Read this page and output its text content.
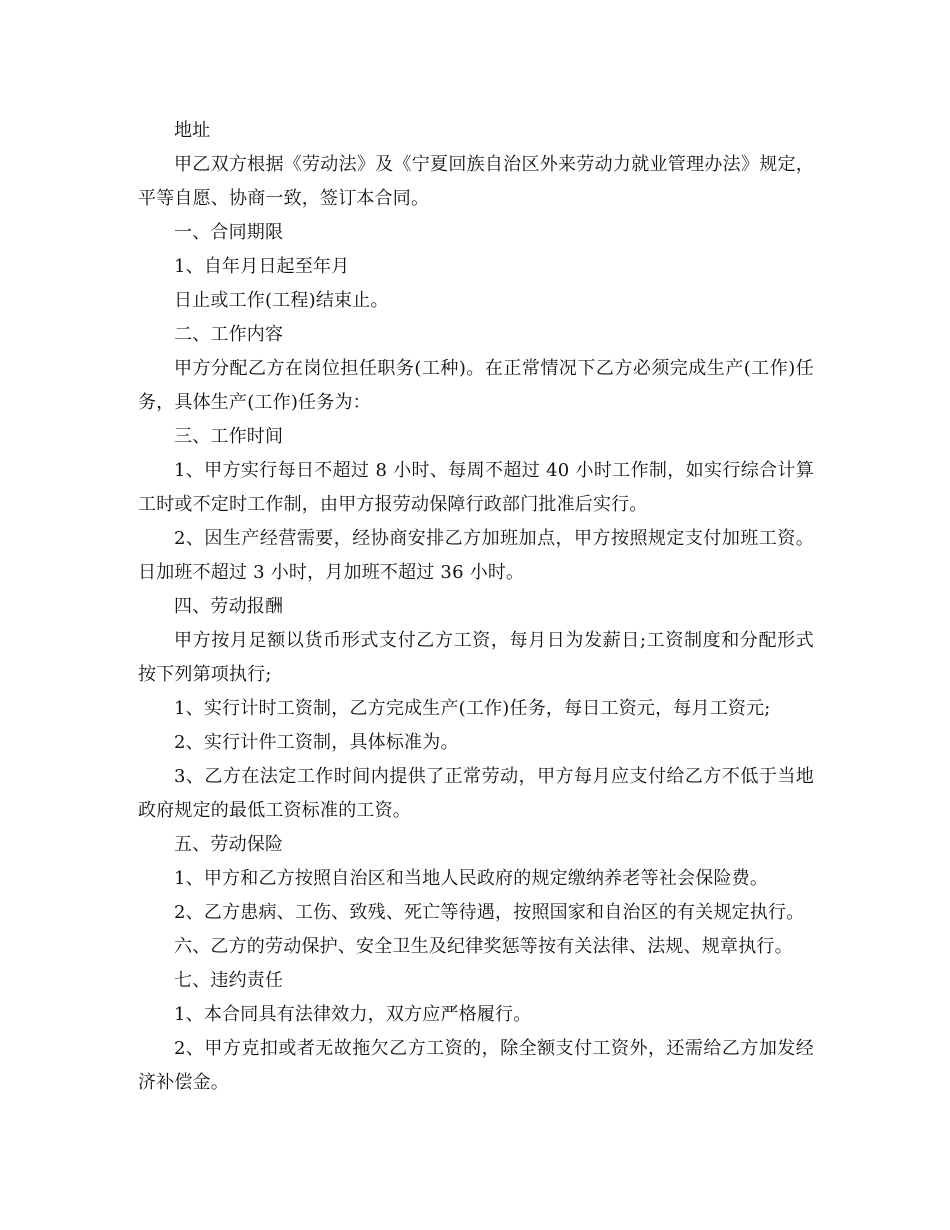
地址

甲乙双方根据《劳动法》及《宁夏回族自治区外来劳动力就业管理办法》规定，平等自愿、协商一致，签订本合同。

一、合同期限

1、自年月日起至年月

日止或工作(工程)结束止。

二、工作内容

甲方分配乙方在岗位担任职务(工种)。在正常情况下乙方必须完成生产(工作)任务，具体生产(工作)任务为：

三、工作时间

1、甲方实行每日不超过 8 小时、每周不超过 40 小时工作制，如实行综合计算工时或不定时工作制，由甲方报劳动保障行政部门批准后实行。

2、因生产经营需要，经协商安排乙方加班加点，甲方按照规定支付加班工资。日加班不超过 3 小时，月加班不超过 36 小时。

四、劳动报酬

甲方按月足额以货币形式支付乙方工资，每月日为发薪日;工资制度和分配形式按下列第项执行;

1、实行计时工资制，乙方完成生产(工作)任务，每日工资元，每月工资元;

2、实行计件工资制，具体标准为。

3、乙方在法定工作时间内提供了正常劳动，甲方每月应支付给乙方不低于当地政府规定的最低工资标准的工资。

五、劳动保险

1、甲方和乙方按照自治区和当地人民政府的规定缴纳养老等社会保险费。

2、乙方患病、工伤、致残、死亡等待遇，按照国家和自治区的有关规定执行。

六、乙方的劳动保护、安全卫生及纪律奖惩等按有关法律、法规、规章执行。

七、违约责任

1、本合同具有法律效力，双方应严格履行。

2、甲方克扣或者无故拖欠乙方工资的，除全额支付工资外，还需给乙方加发经济补偿金。
